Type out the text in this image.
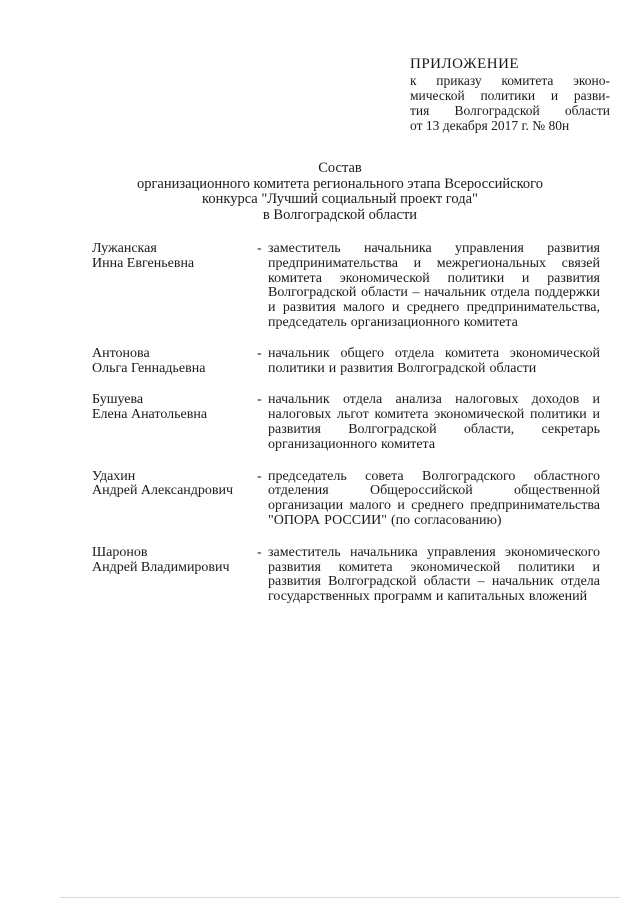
ПРИЛОЖЕНИЕ
к приказу комитета эконо-
мической политики и разви-
тия Волгоградской области
от 13 декабря 2017 г. № 80н
Состав
организационного комитета регионального этапа Всероссийского
конкурса "Лучший социальный проект года"
в Волгоградской области
Лужанская
Инна Евгеньевна
- заместитель начальника управления развития предпринимательства и межрегиональных связей комитета экономической политики и развития Волгоградской области – начальник отдела поддержки и развития малого и среднего предпринимательства, председатель организационного комитета
Антонова
Ольга Геннадьевна
- начальник общего отдела комитета экономической политики и развития Волгоградской области
Бушуева
Елена Анатольевна
- начальник отдела анализа налоговых доходов и налоговых льгот комитета экономической политики и развития Волгоградской области, секретарь организационного комитета
Удахин
Андрей Александрович
- председатель совета Волгоградского областного отделения Общероссийской общественной организации малого и среднего предпринимательства "ОПОРА РОССИИ" (по согласованию)
Шаронов
Андрей Владимирович
- заместитель начальника управления экономического развития комитета экономической политики и развития Волгоградской области – начальник отдела государственных программ и капитальных вложений
